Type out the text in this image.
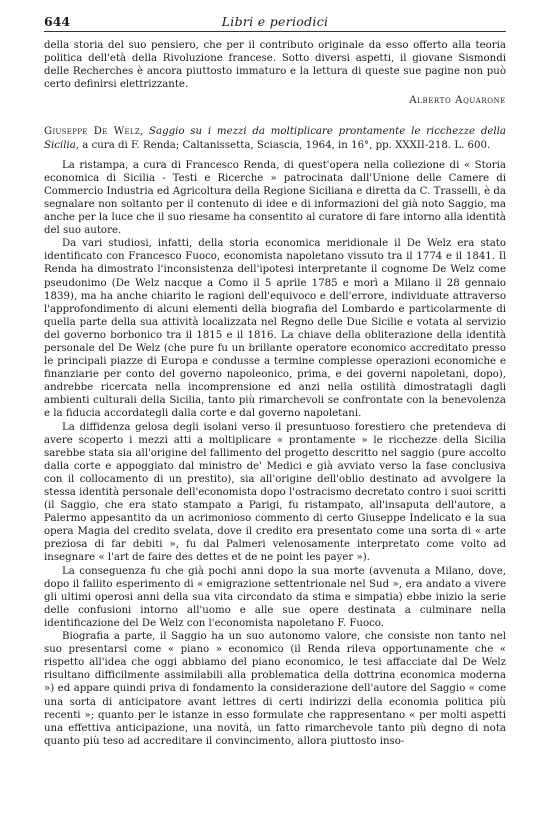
644	Libri e periodici

della storia del suo pensiero, che per il contributo originale da esso offerto alla teoria politica dell'età della Rivoluzione francese. Sotto diversi aspetti, il giovane Sismondi delle Recherches è ancora piuttosto immaturo e la lettura di queste sue pagine non può certo definirsi elettrizzante.

Alberto Aquarone

Giuseppe De Welz, Saggio su i mezzi da moltiplicare prontamente le ricchezze della Sicilia, a cura di F. Renda; Caltanissetta, Sciascia, 1964, in 16°, pp. XXXII-218. L. 600.

La ristampa, a cura di Francesco Renda, di quest'opera nella collezione di « Storia economica di Sicilia - Testi e Ricerche » patrocinata dall'Unione delle Camere di Commercio Industria ed Agricoltura della Regione Siciliana e diretta da C. Trasselli, è da segnalare non soltanto per il contenuto di idee e di informazioni del già noto Saggio, ma anche per la luce che il suo riesame ha consentito al curatore di fare intorno alla identità del suo autore.

Da vari studiosi, infatti, della storia economica meridionale il De Welz era stato identificato con Francesco Fuoco, economista napoletano vissuto tra il 1774 e il 1841. Il Renda ha dimostrato l'inconsistenza dell'ipotesi interpretante il cognome De Welz come pseudonimo (De Welz nacque a Como il 5 aprile 1785 e morì a Milano il 28 gennaio 1839), ma ha anche chiarito le ragioni dell'equivoco e dell'errore, individuate attraverso l'approfondimento di alcuni elementi della biografia del Lombardo e particolarmente di quella parte della sua attività localizzata nel Regno delle Due Sicilie e votata al servizio del governo borbonico tra il 1815 e il 1816. La chiave della obliterazione della identità personale del De Welz (che pure fu un brillante operatore economico accreditato presso le principali piazze di Europa e condusse a termine complesse operazioni economiche e finanziarie per conto del governo napoleonico, prima, e dei governi napoletani, dopo), andrebbe ricercata nella incomprensione ed anzi nella ostilità dimostratagli dagli ambienti culturali della Sicilia, tanto più rimarchevoli se confrontate con la benevolenza e la fiducia accordategli dalla corte e dal governo napoletani.

La diffidenza gelosa degli isolani verso il presuntuoso forestiero che pretendeva di avere scoperto i mezzi atti a moltiplicare « prontamente » le ricchezze della Sicilia sarebbe stata sia all'origine del fallimento del progetto descritto nel saggio (pure accolto dalla corte e appoggiato dal ministro de' Medici e già avviato verso la fase conclusiva con il collocamento di un prestito), sia all'origine dell'oblio destinato ad avvolgere la stessa identità personale dell'economista dopo l'ostracismo decretato contro i suoi scritti (il Saggio, che era stato stampato a Parigi, fu ristampato, all'insaputa dell'autore, a Palermo appesantito da un acrimonioso commento di certo Giuseppe Indelicato e la sua opera Magia del credito svelata, dove il credito era presentato come una sorta di « arte preziosa di far debiti », fu dal Palmeri velenosamente interpretato come volto ad insegnare « l'art de faire des dettes et de ne point les payer »).

La conseguenza fu che già pochi anni dopo la sua morte (avvenuta a Milano, dove, dopo il fallito esperimento di « emigrazione settentrionale nel Sud », era andato a vivere gli ultimi operosi anni della sua vita circondato da stima e simpatia) ebbe inizio la serie delle confusioni intorno all'uomo e alle sue opere destinata a culminare nella identificazione del De Welz con l'economista napoletano F. Fuoco.

Biografia a parte, il Saggio ha un suo autonomo valore, che consiste non tanto nel suo presentarsi come « piano » economico (il Renda rileva opportunamente che « rispetto all'idea che oggi abbiamo del piano economico, le tesi affacciate dal De Welz risultano difficilmente assimilabili alla problematica della dottrina economica moderna ») ed appare quindi priva di fondamento la considerazione dell'autore del Saggio « come una sorta di anticipatore avant lettres di certi indirizzi della economia politica più recenti »; quanto per le istanze in esso formulate che rappresentano « per molti aspetti una effettiva anticipazione, una novità, un fatto rimarchevole tanto più degno di nota quanto più teso ad accreditare il convincimento, allora piuttosto inso-
